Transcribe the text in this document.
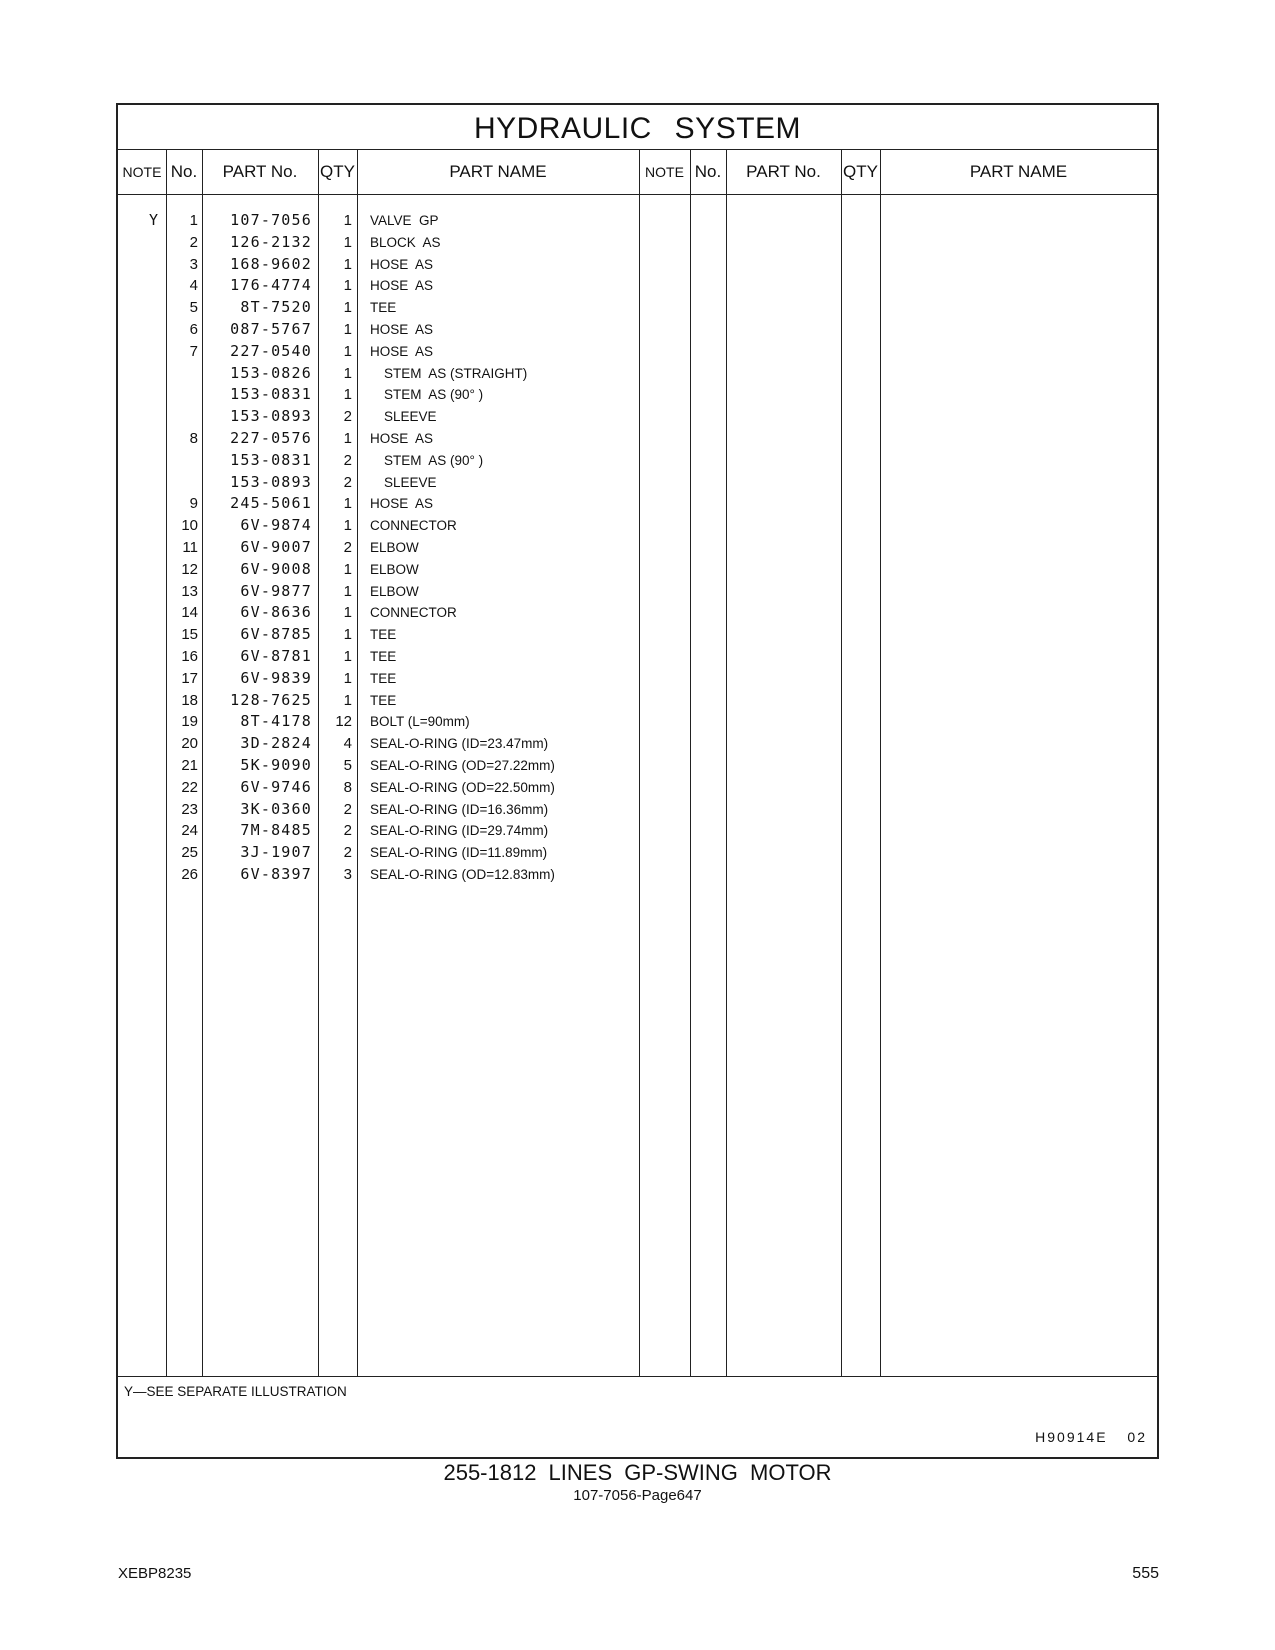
HYDRAULIC SYSTEM
NOTE No.	PART No.	QTY	PART NAME	NOTE No.	PART No.	QTY	PART NAME
Y	1	107-7056	1 VALVE  GP
2	126-2132	1 BLOCK  AS
3	168-9602	1 HOSE  AS
4	176-4774	1 HOSE  AS
5	8T-7520	1 TEE
6	087-5767	1 HOSE  AS
7	227-0540	1 HOSE  AS
153-0826	1 STEM  AS (STRAIGHT)
153-0831	1 STEM  AS (90° )
153-0893	2 SLEEVE
8	227-0576	1 HOSE  AS
153-0831	2 STEM  AS (90° )
153-0893	2 SLEEVE
9	245-5061	1 HOSE  AS
10	6V-9874	1 CONNECTOR
11	6V-9007	2 ELBOW
12	6V-9008	1 ELBOW
13	6V-9877	1 ELBOW
14	6V-8636	1 CONNECTOR
15	6V-8785	1 TEE
16	6V-8781	1 TEE
17	6V-9839	1 TEE
18	128-7625	1 TEE
19	8T-4178	12 BOLT (L=90mm)
20	3D-2824	4 SEAL-O-RING (ID=23.47mm)
21	5K-9090	5 SEAL-O-RING (OD=27.22mm)
22	6V-9746	8 SEAL-O-RING (OD=22.50mm)
23	3K-0360	2 SEAL-O-RING (ID=16.36mm)
24	7M-8485	2 SEAL-O-RING (ID=29.74mm)
25	3J-1907	2 SEAL-O-RING (ID=11.89mm)
26	6V-8397	3 SEAL-O-RING (OD=12.83mm)
Y—SEE SEPARATE ILLUSTRATION
H90914E 02
255-1812 LINES GP-SWING MOTOR
107-7056-Page647
XEBP8235	555
